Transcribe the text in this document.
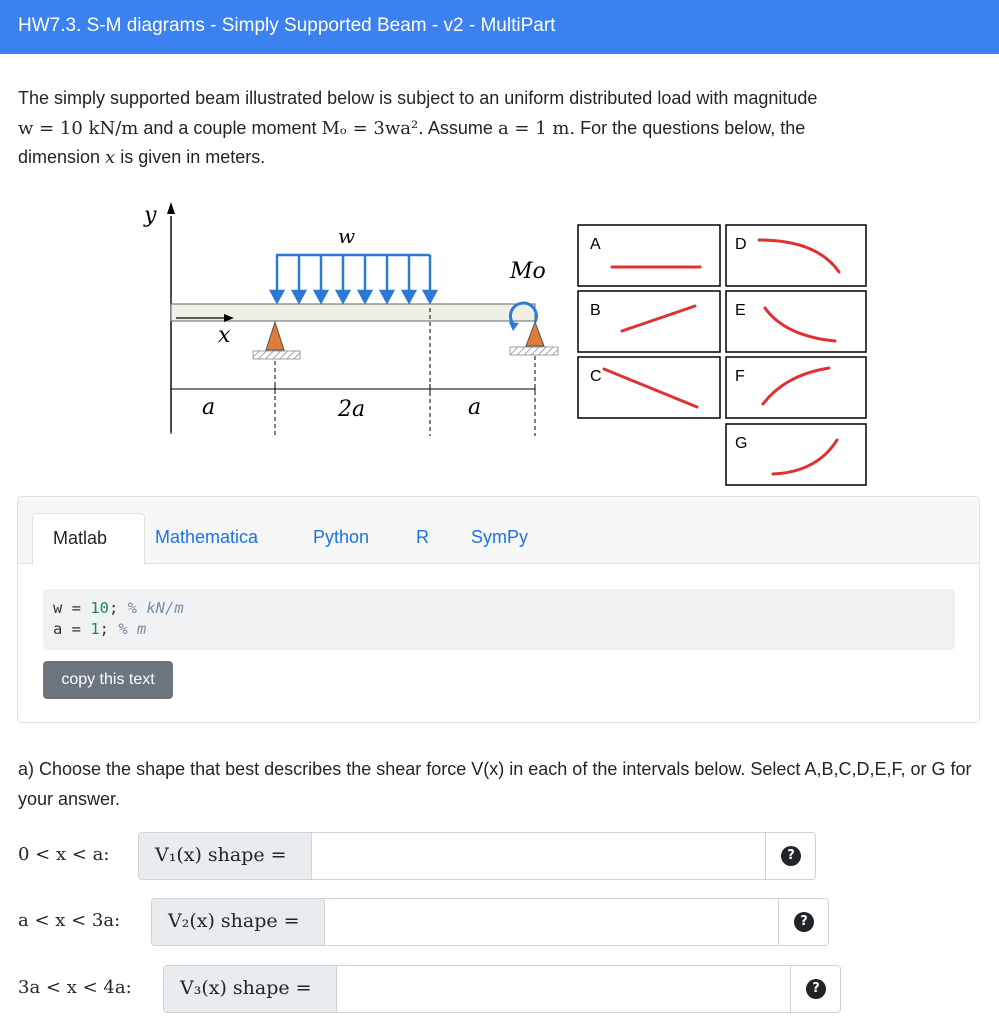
HW7.3. S-M diagrams - Simply Supported Beam - v2 - MultiPart
The simply supported beam illustrated below is subject to an uniform distributed load with magnitude
w = 10 kN/m and a couple moment Mₒ = 3wa². Assume a = 1 m. For the questions below, the
dimension x is given in meters.
y
w
Mo
x
a	2a	a
A
B
C
D
E
F
G
Matlab	Mathematica	Python	R SymPy
w = 10; % kN/m
a = 1; % m
copy this text
a) Choose the shape that best describes the shear force V(x) in each of the intervals below. Select A,B,C,D,E,F, or G for your answer.
0 < x < a:	V₁(x) shape =	?
a < x < 3a:	V₂(x) shape =	?
3a < x < 4a:	V₃(x) shape =	?
